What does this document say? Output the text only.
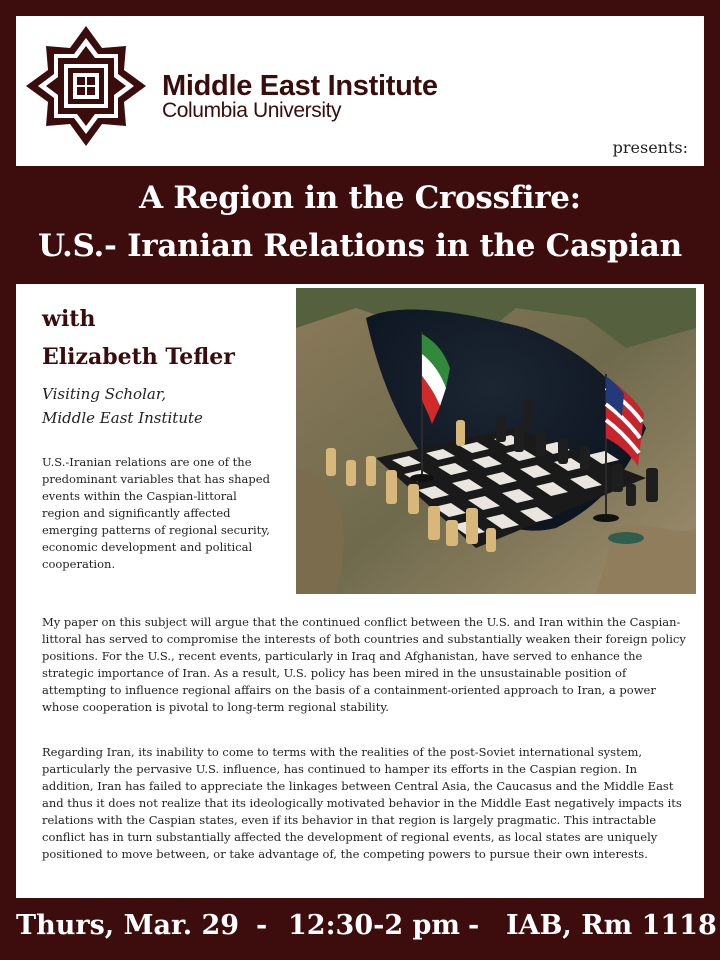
Middle East Institute
Columbia University
presents:
A Region in the Crossfire:
U.S.- Iranian Relations in the Caspian
with
Elizabeth Tefler
Visiting Scholar,
Middle East Institute
U.S.-Iranian relations are one of the predominant variables that has shaped events within the Caspian-littoral region and significantly affected emerging patterns of regional security, economic development and political cooperation.
My paper on this subject will argue that the continued conflict between the U.S. and Iran within the Caspian-littoral has served to compromise the interests of both countries and substantially weaken their foreign policy positions. For the U.S., recent events, particularly in Iraq and Afghanistan, have served to enhance the strategic importance of Iran. As a result, U.S. policy has been mired in the unsustainable position of attempting to influence regional affairs on the basis of a containment-oriented approach to Iran, a power whose cooperation is pivotal to long-term regional stability.
Regarding Iran, its inability to come to terms with the realities of the post-Soviet international system, particularly the pervasive U.S. influence, has continued to hamper its efforts in the Caspian region. In addition, Iran has failed to appreciate the linkages between Central Asia, the Caucasus and the Middle East and thus it does not realize that its ideologically motivated behavior in the Middle East negatively impacts its relations with the Caspian states, even if its behavior in that region is largely pragmatic. This intractable conflict has in turn substantially affected the development of regional events, as local states are uniquely positioned to move between, or take advantage of, the competing powers to pursue their own interests.
Thurs, Mar. 29 - 12:30-2 pm - IAB, Rm 1118
